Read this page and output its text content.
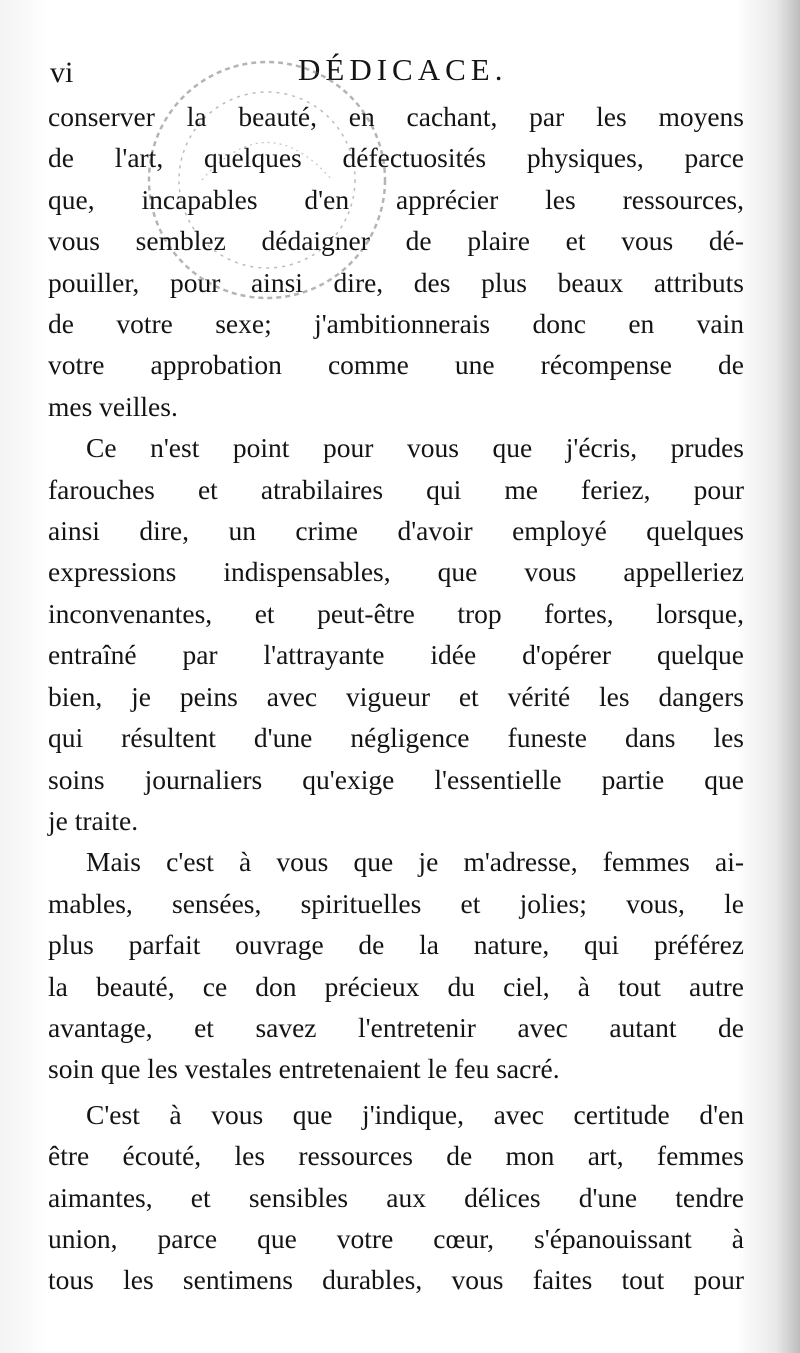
vi	DÉDICACE.

conserver la beauté, en cachant, par les moyens
de l'art, quelques défectuosités physiques, parce
que, incapables d'en apprécier les ressources,
vous semblez dédaigner de plaire et vous dé-
pouiller, pour ainsi dire, des plus beaux attributs
de votre sexe; j'ambitionnerais donc en vain
votre approbation comme une récompense de
mes veilles.

Ce n'est point pour vous que j'écris, prudes
farouches et atrabilaires qui me feriez, pour
ainsi dire, un crime d'avoir employé quelques
expressions indispensables, que vous appelleriez
inconvenantes, et peut-être trop fortes, lorsque,
entraîné par l'attrayante idée d'opérer quelque
bien, je peins avec vigueur et vérité les dangers
qui résultent d'une négligence funeste dans les
soins journaliers qu'exige l'essentielle partie que
je traite.

Mais c'est à vous que je m'adresse, femmes ai-
mables, sensées, spirituelles et jolies; vous, le
plus parfait ouvrage de la nature, qui préférez
la beauté, ce don précieux du ciel, à tout autre
avantage, et savez l'entretenir avec autant de
soin que les vestales entretenaient le feu sacré.

C'est à vous que j'indique, avec certitude d'en
être écouté, les ressources de mon art, femmes
aimantes, et sensibles aux délices d'une tendre
union, parce que votre cœur, s'épanouissant à
tous les sentimens durables, vous faites tout pour
